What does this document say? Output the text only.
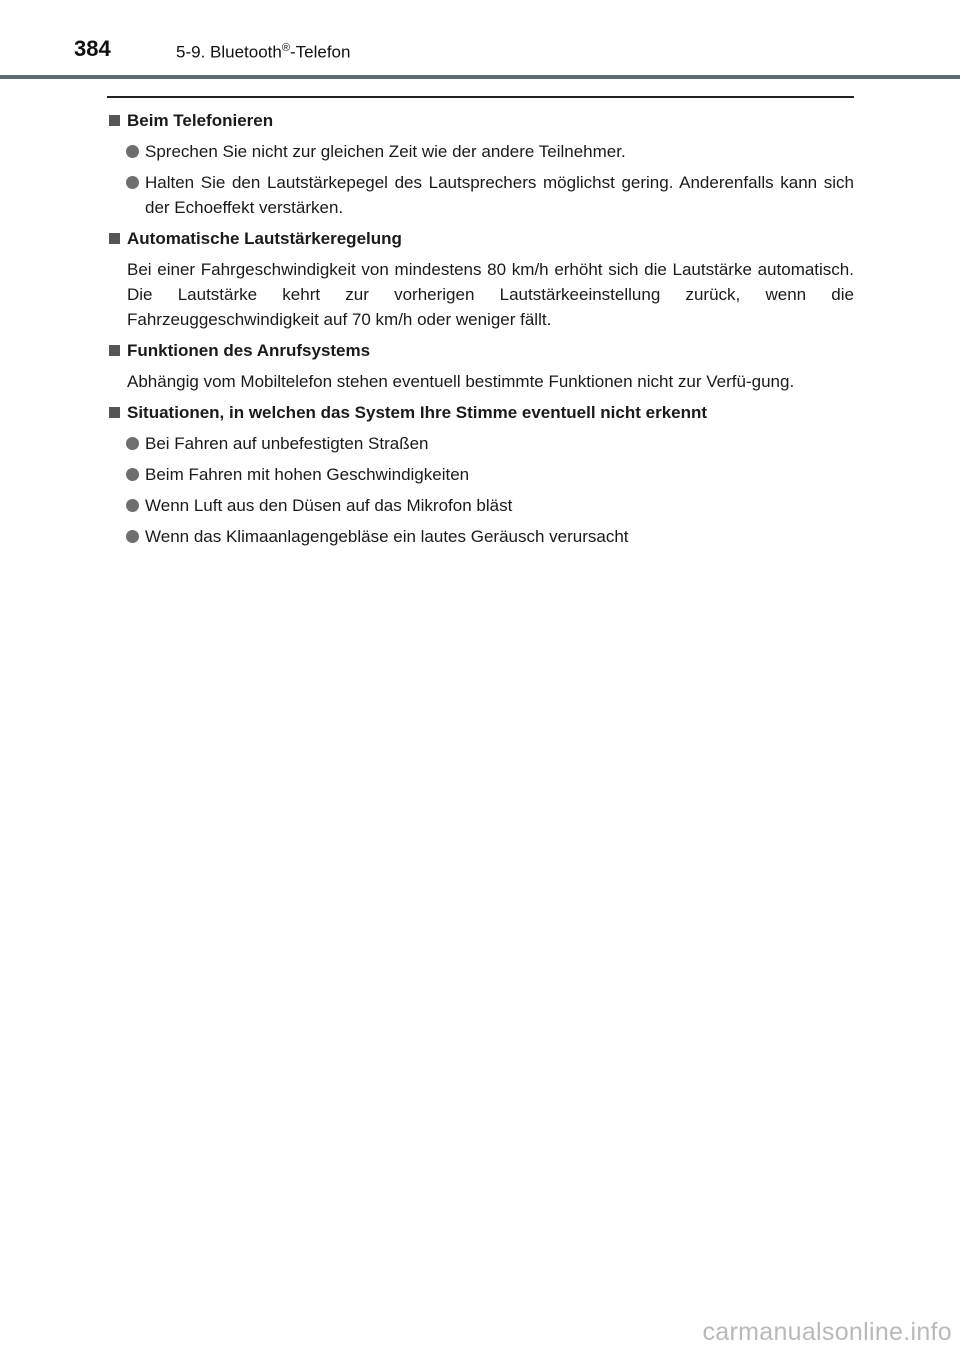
384	5-9. Bluetooth®-Telefon
Beim Telefonieren
Sprechen Sie nicht zur gleichen Zeit wie der andere Teilnehmer.
Halten Sie den Lautstärkepegel des Lautsprechers möglichst gering. Anderenfalls kann sich der Echoeffekt verstärken.
Automatische Lautstärkeregelung
Bei einer Fahrgeschwindigkeit von mindestens 80 km/h erhöht sich die Lautstärke automatisch. Die Lautstärke kehrt zur vorherigen Lautstärkeeinstellung zurück, wenn die Fahrzeuggeschwindigkeit auf 70 km/h oder weniger fällt.
Funktionen des Anrufsystems
Abhängig vom Mobiltelefon stehen eventuell bestimmte Funktionen nicht zur Verfü-gung.
Situationen, in welchen das System Ihre Stimme eventuell nicht erkennt
Bei Fahren auf unbefestigten Straßen
Beim Fahren mit hohen Geschwindigkeiten
Wenn Luft aus den Düsen auf das Mikrofon bläst
Wenn das Klimaanlagengebläse ein lautes Geräusch verursacht
carmanualsonline.info
